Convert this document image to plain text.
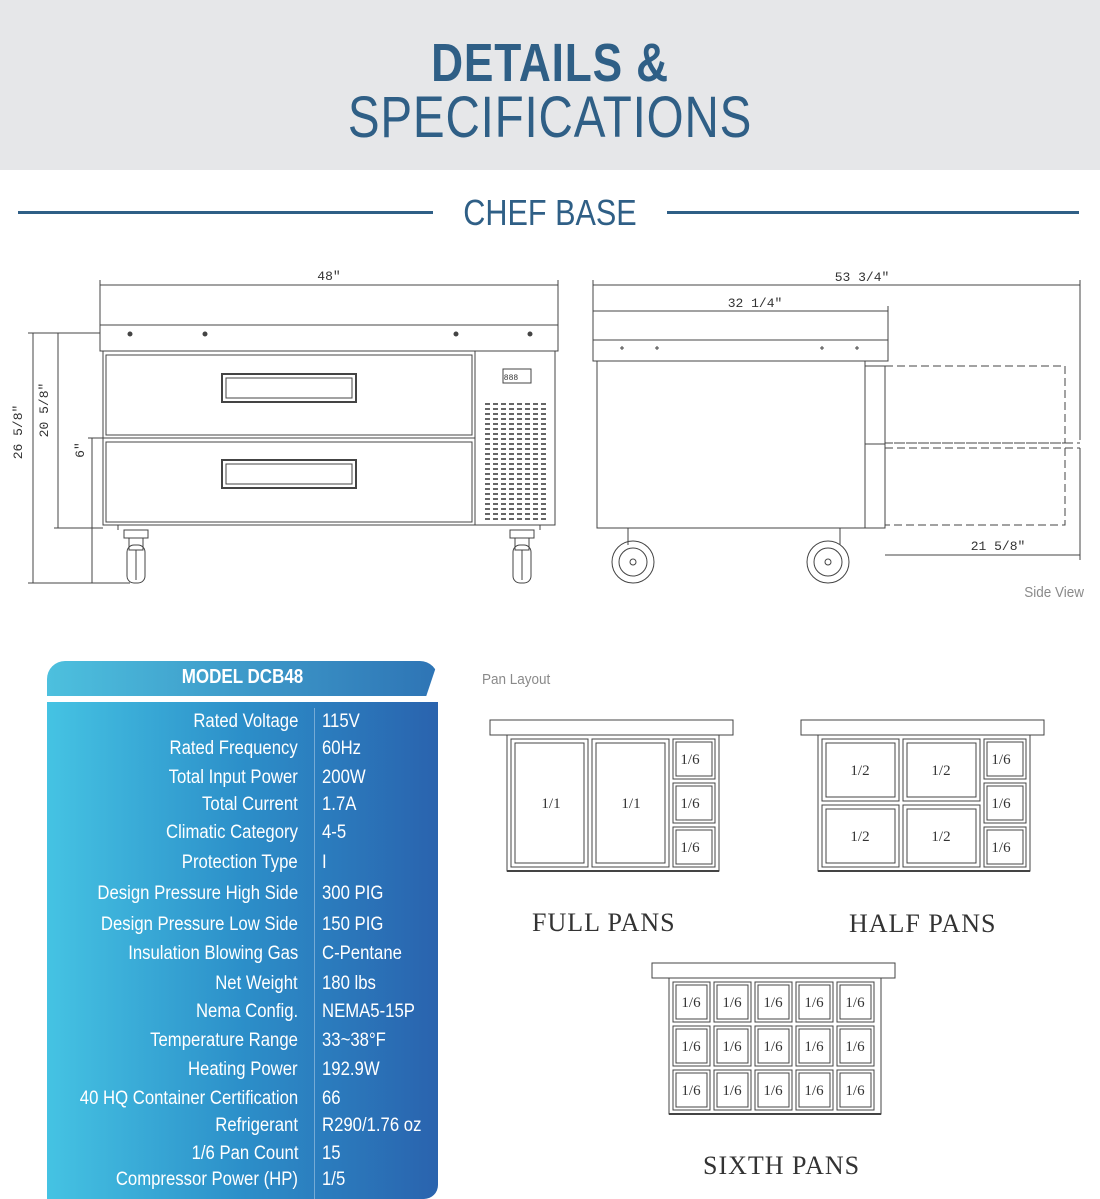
DETAILS &
SPECIFICATIONS
CHEF BASE
48″
26 5/8″ 20 5/8″
6″
888
53 3/4″
32 1/4″
21 5/8″
Side View
MODEL DCB48
Rated Voltage 115V
Rated Frequency 60Hz
Total Input Power 200W
Total Current 1.7A
Climatic Category 4-5
Protection Type I
Design Pressure High Side 300 PIG
Design Pressure Low Side 150 PIG
Insulation Blowing Gas C-Pentane
Net Weight 180 lbs
Nema Config. NEMA5-15P
Temperature Range 33~38°F
Heating Power 192.9W
40 HQ Container Certification 66
Refrigerant R290/1.76 oz
1/6 Pan Count 15
Compressor Power (HP) 1/5
Pan Layout
1/1	1/1
1/6
1/6
1/6
FULL PANS
1/2	1/2
1/2	1/2
1/6
1/6
1/6
HALF PANS
1/6 1/6 1/6 1/6 1/6
1/6 1/6 1/6 1/6 1/6
1/6 1/6 1/6 1/6 1/6
SIXTH PANS
